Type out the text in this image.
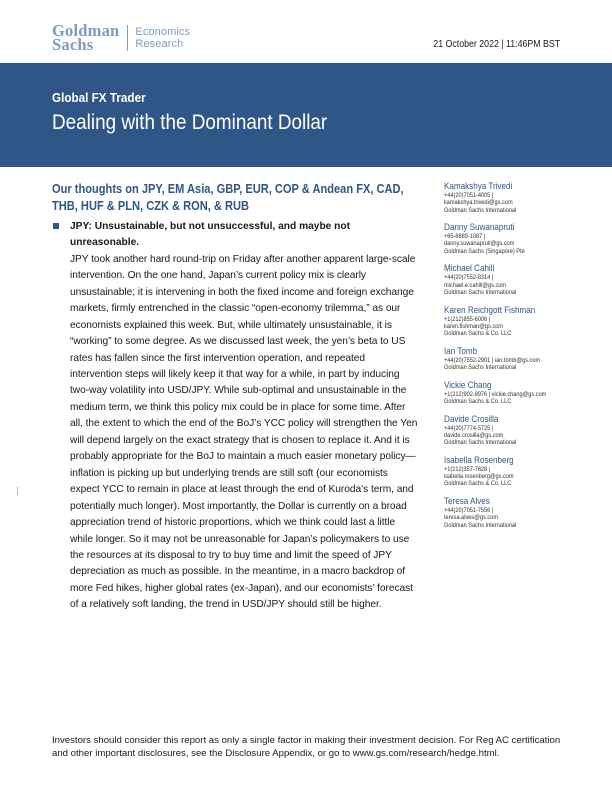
Goldman
Sachs
Economics
Research	21 October 2022 | 11:46PM BST
Global FX Trader
Dealing with the Dominant Dollar
Our thoughts on JPY, EM Asia, GBP, EUR, COP & Andean FX, CAD, THB, HUF & PLN, CZK & RON, & RUB
JPY: Unsustainable, but not unsuccessful, and maybe not unreasonable.
JPY took another hard round-trip on Friday after another apparent large-scale intervention. On the one hand, Japan’s current policy mix is clearly unsustainable; it is intervening in both the fixed income and foreign exchange markets, firmly entrenched in the classic “open-economy trilemma,” as our economists explained this week. But, while ultimately unsustainable, it is “working” to some degree. As we discussed last week, the yen’s beta to US rates has fallen since the first intervention operation, and repeated intervention steps will likely keep it that way for a while, in part by inducing two-way volatility into USD/JPY. While sub-optimal and unsustainable in the medium term, we think this policy mix could be in place for some time. After all, the extent to which the end of the BoJ’s YCC policy will strengthen the Yen will depend largely on the exact strategy that is chosen to replace it. And it is probably appropriate for the BoJ to maintain a much easier monetary policy—inflation is picking up but underlying trends are still soft (our economists expect YCC to remain in place at least through the end of Kuroda’s term, and potentially much longer). Most importantly, the Dollar is currently on a broad appreciation trend of historic proportions, which we think could last a little while longer. So it may not be unreasonable for Japan’s policymakers to use the resources at its disposal to try to buy time and limit the speed of JPY depreciation as much as possible. In the meantime, in a macro backdrop of more Fed hikes, higher global rates (ex-Japan), and our economists’ forecast of a relatively soft landing, the trend in USD/JPY should still be higher.
Kamakshya Trivedi
+44(20)7051-4005 |
kamakshya.trivedi@gs.com
Goldman Sachs International
Danny Suwanapruti
+65-6889-1087 |
danny.suwanapruti@gs.com
Goldman Sachs (Singapore) Pte
Michael Cahill
+44(20)7552-8314 |
michael.e.cahill@gs.com
Goldman Sachs International
Karen Reichgott Fishman
+1(212)855-6006 |
karen.fishman@gs.com
Goldman Sachs & Co. LLC
Ian Tomb
+44(20)7552-2901 | ian.tomb@gs.com
Goldman Sachs International
Vickie Chang
+1(212)902-8976 | vickie.chang@gs.com
Goldman Sachs & Co. LLC
Davide Crosilla
+44(20)7774-5725 |
davide.crosilla@gs.com
Goldman Sachs International
Isabella Rosenberg
+1(212)357-7628 |
isabella.rosenberg@gs.com
Goldman Sachs & Co. LLC
Teresa Alves
+44(20)7051-7556 |
teresa.alves@gs.com
Goldman Sachs International
Investors should consider this report as only a single factor in making their investment decision. For Reg AC certification and other important disclosures, see the Disclosure Appendix, or go to www.gs.com/research/hedge.html.
